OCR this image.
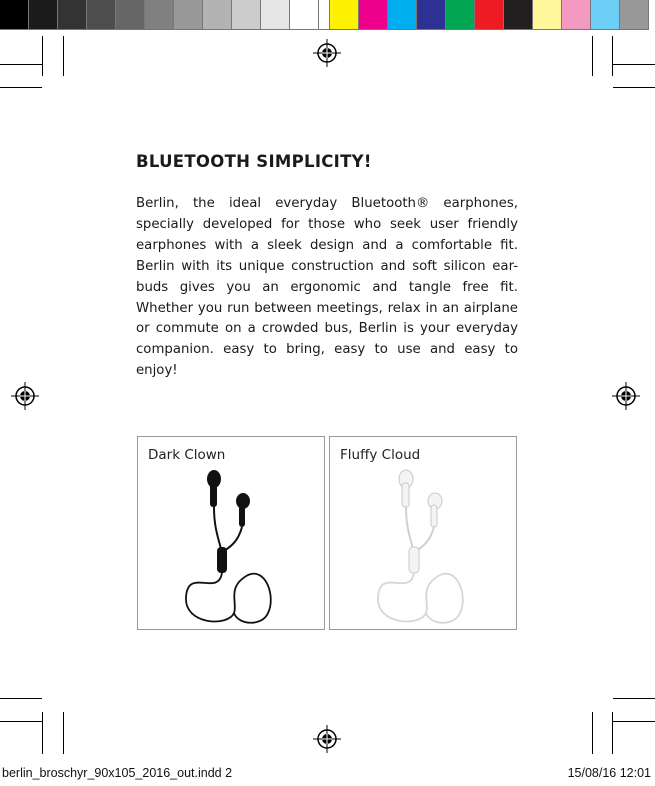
BLUETOOTH SIMPLICITY!

Berlin, the ideal everyday Bluetooth® earphones, specially developed for those who seek user friendly earphones with a sleek design and a comfortable fit. Berlin with its unique construction and soft silicon ear-buds gives you an ergonomic and tangle free fit. Whether you run between meetings, relax in an airplane or commute on a crowded bus, Berlin is your everyday companion. easy to bring, easy to use and easy to enjoy!

Dark Clown	Fluffy Cloud
berlin_broschyr_90x105_2016_out.indd 2	15/08/16 12:01
